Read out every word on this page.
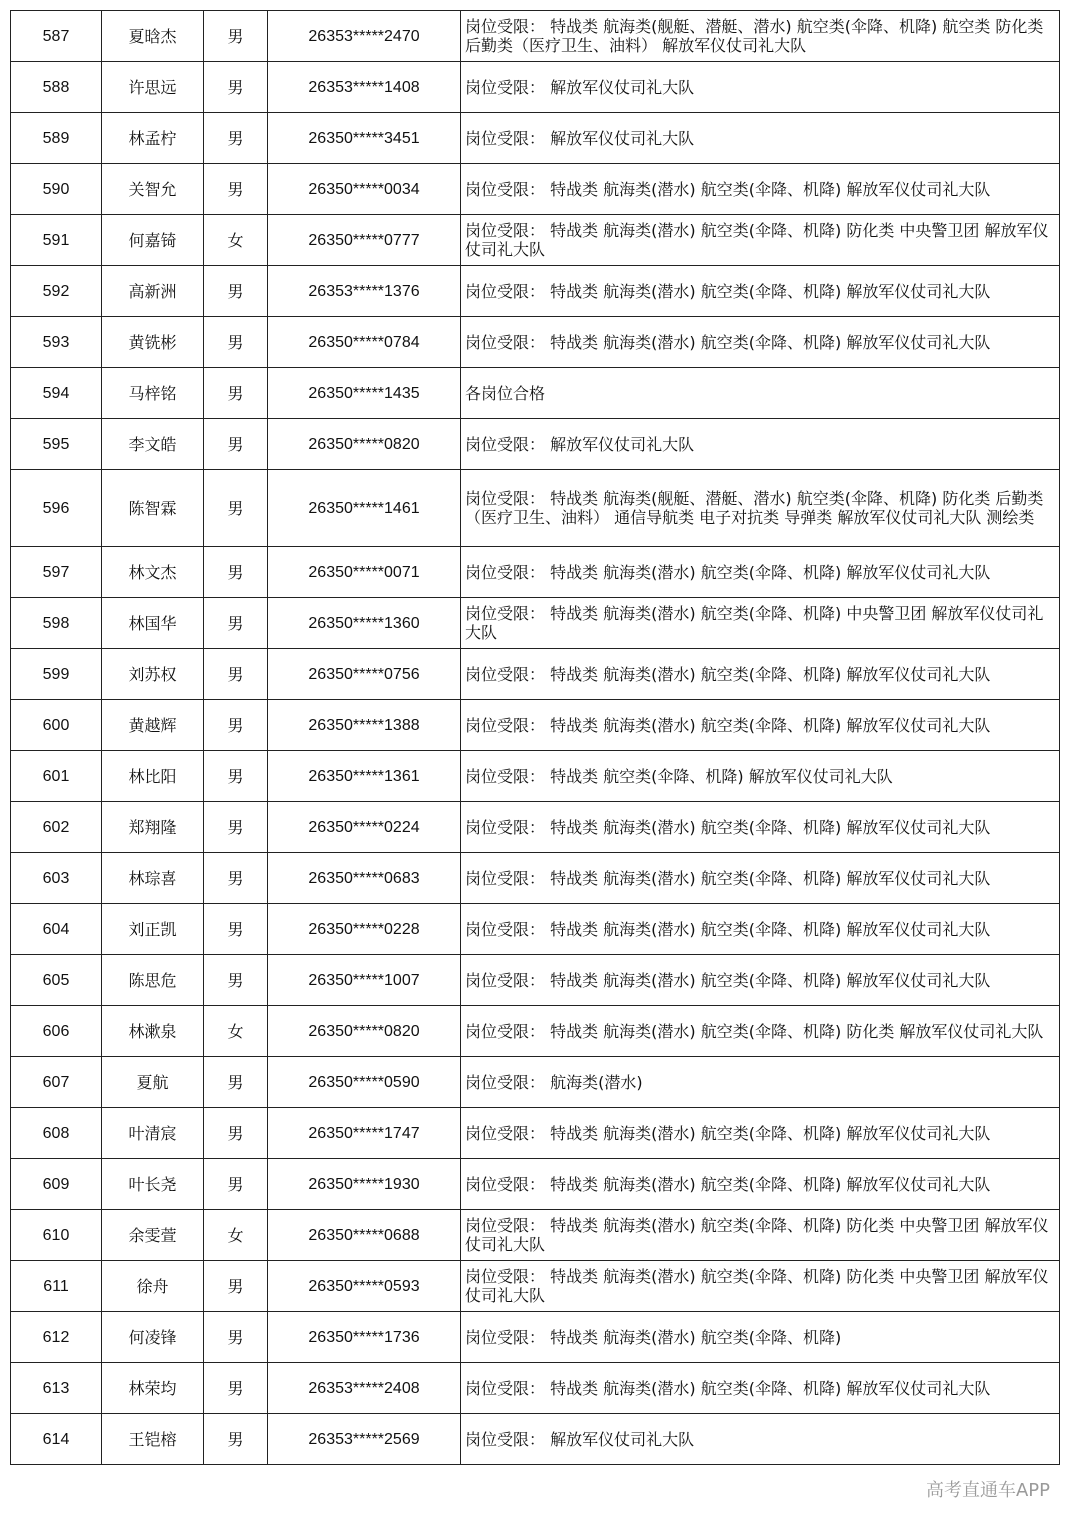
587	夏晗杰	男	26353*****2470	岗位受限： 特战类 航海类(舰艇、潜艇、潜水) 航空类(伞降、机降) 航空类 防化类 后勤类（医疗卫生、油料） 解放军仪仗司礼大队
588	许思远	男	26353*****1408	岗位受限： 解放军仪仗司礼大队
589	林孟柠	男	26350*****3451	岗位受限： 解放军仪仗司礼大队
590	关智允	男	26350*****0034	岗位受限： 特战类 航海类(潜水) 航空类(伞降、机降) 解放军仪仗司礼大队
591	何嘉锜	女	26350*****0777	岗位受限： 特战类 航海类(潜水) 航空类(伞降、机降) 防化类 中央警卫团 解放军仪仗司礼大队
592	高新洲	男	26353*****1376	岗位受限： 特战类 航海类(潜水) 航空类(伞降、机降) 解放军仪仗司礼大队
593	黄铣彬	男	26350*****0784	岗位受限： 特战类 航海类(潜水) 航空类(伞降、机降) 解放军仪仗司礼大队
594	马梓铭	男	26350*****1435	各岗位合格
595	李文皓	男	26350*****0820	岗位受限： 解放军仪仗司礼大队
596	陈智霖	男	26350*****1461	岗位受限： 特战类 航海类(舰艇、潜艇、潜水) 航空类(伞降、机降) 防化类 后勤类（医疗卫生、油料） 通信导航类 电子对抗类 导弹类 解放军仪仗司礼大队 测绘类
597	林文杰	男	26350*****0071	岗位受限： 特战类 航海类(潜水) 航空类(伞降、机降) 解放军仪仗司礼大队
598	林国华	男	26350*****1360	岗位受限： 特战类 航海类(潜水) 航空类(伞降、机降) 中央警卫团 解放军仪仗司礼大队
599	刘苏权	男	26350*****0756	岗位受限： 特战类 航海类(潜水) 航空类(伞降、机降) 解放军仪仗司礼大队
600	黄越辉	男	26350*****1388	岗位受限： 特战类 航海类(潜水) 航空类(伞降、机降) 解放军仪仗司礼大队
601	林比阳	男	26350*****1361	岗位受限： 特战类 航空类(伞降、机降) 解放军仪仗司礼大队
602	郑翔隆	男	26350*****0224	岗位受限： 特战类 航海类(潜水) 航空类(伞降、机降) 解放军仪仗司礼大队
603	林琮喜	男	26350*****0683	岗位受限： 特战类 航海类(潜水) 航空类(伞降、机降) 解放军仪仗司礼大队
604	刘正凯	男	26350*****0228	岗位受限： 特战类 航海类(潜水) 航空类(伞降、机降) 解放军仪仗司礼大队
605	陈思危	男	26350*****1007	岗位受限： 特战类 航海类(潜水) 航空类(伞降、机降) 解放军仪仗司礼大队
606	林漱泉	女	26350*****0820	岗位受限： 特战类 航海类(潜水) 航空类(伞降、机降) 防化类 解放军仪仗司礼大队
607	夏航	男	26350*****0590	岗位受限： 航海类(潜水)
608	叶清宸	男	26350*****1747	岗位受限： 特战类 航海类(潜水) 航空类(伞降、机降) 解放军仪仗司礼大队
609	叶长尧	男	26350*****1930	岗位受限： 特战类 航海类(潜水) 航空类(伞降、机降) 解放军仪仗司礼大队
610	余雯萱	女	26350*****0688	岗位受限： 特战类 航海类(潜水) 航空类(伞降、机降) 防化类 中央警卫团 解放军仪仗司礼大队
611	徐舟	男	26350*****0593	岗位受限： 特战类 航海类(潜水) 航空类(伞降、机降) 防化类 中央警卫团 解放军仪仗司礼大队
612	何凌锋	男	26350*****1736	岗位受限： 特战类 航海类(潜水) 航空类(伞降、机降)
613	林荣均	男	26353*****2408	岗位受限： 特战类 航海类(潜水) 航空类(伞降、机降) 解放军仪仗司礼大队
614	王铠榕	男	26353*****2569	岗位受限： 解放军仪仗司礼大队
高考直通车APP
